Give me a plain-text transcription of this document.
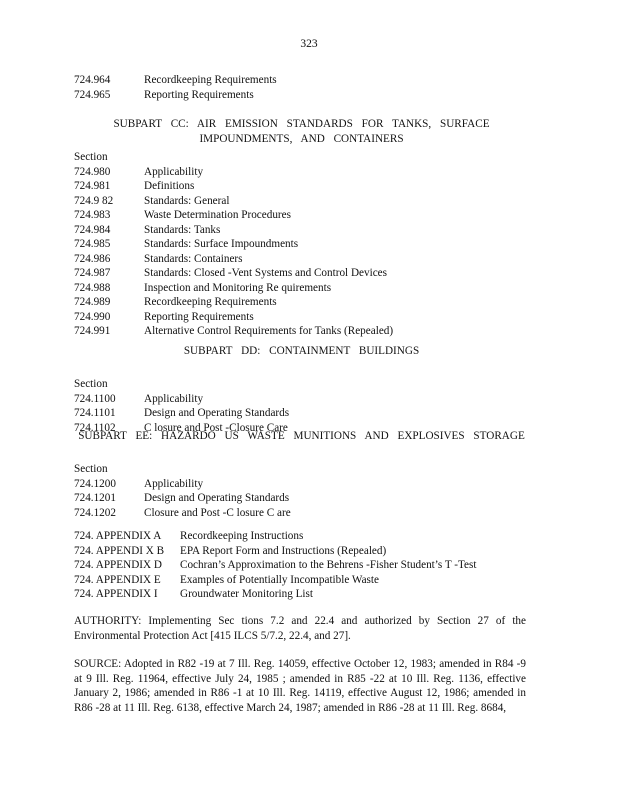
323
724.964	Recordkeeping Requirements
724.965	Reporting Requirements
SUBPART CC: AIR EMISSION STANDARDS FOR TANKS, SURFACE IMPOUNDMENTS, AND CONTAINERS
Section
724.980	Applicability
724.981	Definitions
724.9 82	Standards: General
724.983	Waste Determination Procedures
724.984	Standards: Tanks
724.985	Standards: Surface Impoundments
724.986	Standards: Containers
724.987	Standards: Closed -Vent Systems and Control Devices
724.988	Inspection and Monitoring Re quirements
724.989	Recordkeeping Requirements
724.990	Reporting Requirements
724.991	Alternative Control Requirements for Tanks (Repealed)
SUBPART DD: CONTAINMENT BUILDINGS
Section
724.1100	Applicability
724.1101	Design and Operating Standards
724.1102	C losure and Post -Closure Care
SUBPART EE: HAZARDO US WASTE MUNITIONS AND EXPLOSIVES STORAGE
Section
724.1200	Applicability
724.1201	Design and Operating Standards
724.1202	Closure and Post -C losure C are
724. APPENDIX A Recordkeeping Instructions
724. APPENDI X B EPA Report Form and Instructions (Repealed)
724. APPENDIX D Cochran’s Approximation to the Behrens -Fisher Student’s T -Test
724. APPENDIX E Examples of Potentially Incompatible Waste
724. APPENDIX I Groundwater Monitoring List
AUTHORITY: Implementing Sec tions 7.2 and 22.4 and authorized by Section 27 of the Environmental Protection Act [415 ILCS 5/7.2, 22.4, and 27].
SOURCE: Adopted in R82 -19 at 7 Ill. Reg. 14059, effective October 12, 1983; amended in R84 -9 at 9 Ill. Reg. 11964, effective July 24, 1985 ; amended in R85 -22 at 10 Ill. Reg. 1136, effective January 2, 1986; amended in R86 -1 at 10 Ill. Reg. 14119, effective August 12, 1986; amended in R86 -28 at 11 Ill. Reg. 6138, effective March 24, 1987; amended in R86 -28 at 11 Ill. Reg. 8684,
